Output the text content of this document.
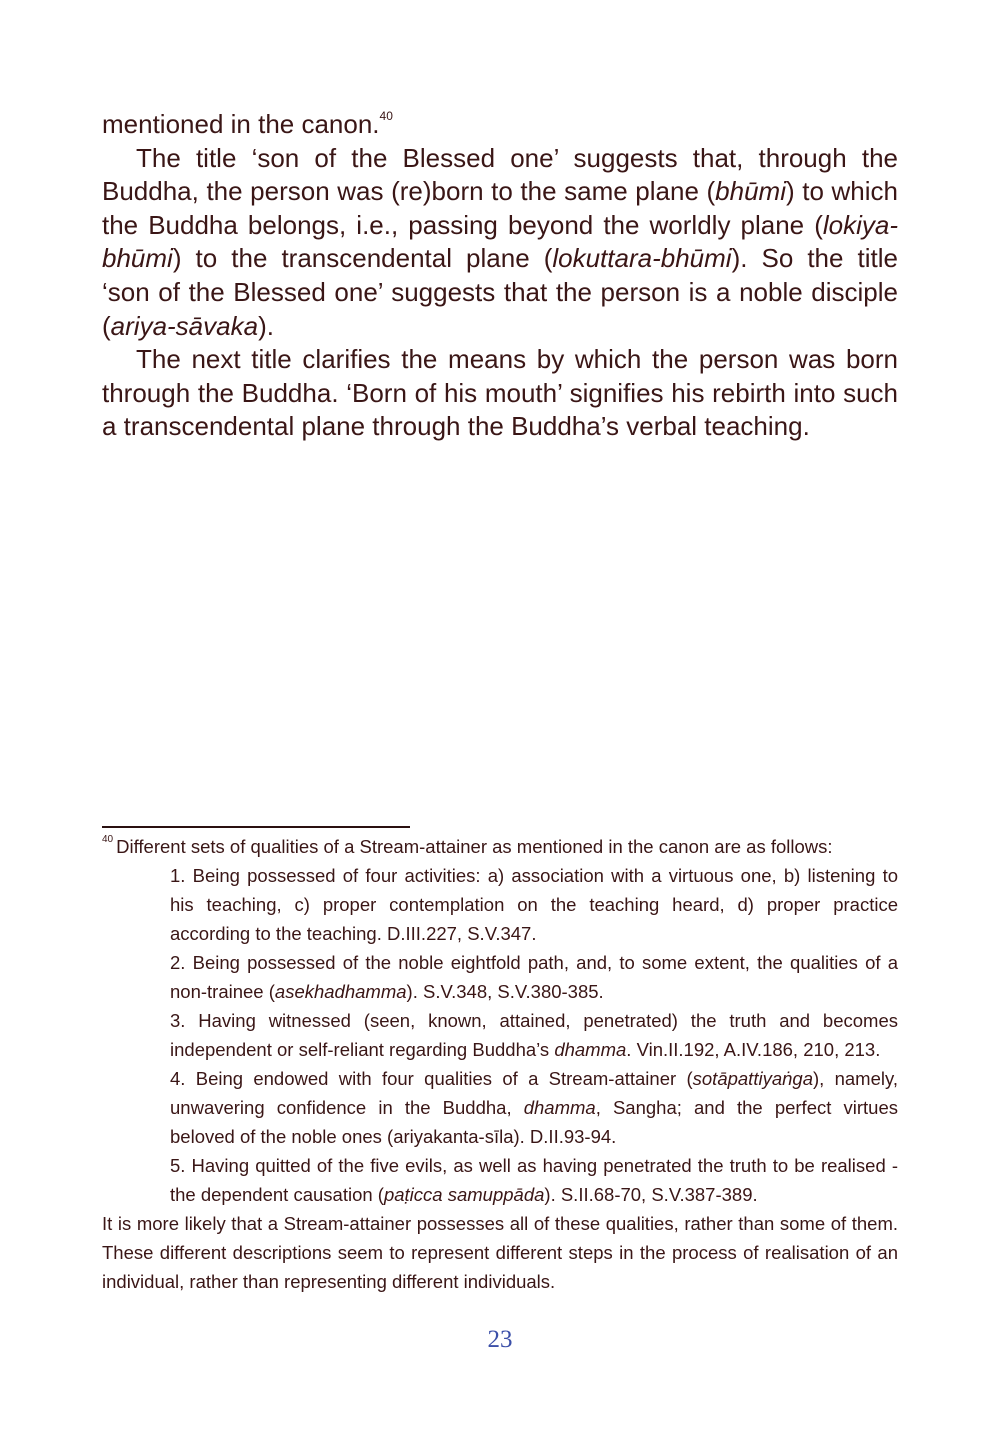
mentioned in the canon.$^{40}$

The title ‘son of the Blessed one’ suggests that, through the Buddha, the person was (re)born to the same plane (bhūmi) to which the Buddha belongs, i.e., passing beyond the worldly plane (lokiya-bhūmi) to the transcendental plane (lokuttara-bhūmi). So the title ‘son of the Blessed one’ suggests that the person is a noble disciple (ariya-sāvaka).

The next title clarifies the means by which the person was born through the Buddha. ‘Born of his mouth’ signifies his rebirth into such a transcendental plane through the Buddha’s verbal teaching.

$^{40}$ Different sets of qualities of a Stream-attainer as mentioned in the canon are as follows:

1. Being possessed of four activities: a) association with a virtuous one, b) listening to his teaching, c) proper contemplation on the teaching heard, d) proper practice according to the teaching. D.III.227, S.V.347.
2. Being possessed of the noble eightfold path, and, to some extent, the qualities of a non-trainee (asekhadhamma). S.V.348, S.V.380-385.
3. Having witnessed (seen, known, attained, penetrated) the truth and becomes independent or self-reliant regarding Buddha’s dhamma. Vin.II.192, A.IV.186, 210, 213.
4. Being endowed with four qualities of a Stream-attainer (sotāpattiyaṅga), namely, unwavering confidence in the Buddha, dhamma, Sangha; and the perfect virtues beloved of the noble ones (ariyakanta-sīla). D.II.93-94.
5. Having quitted of the five evils, as well as having penetrated the truth to be realised - the dependent causation (paṭicca samuppāda). S.II.68-70, S.V.387-389.

It is more likely that a Stream-attainer possesses all of these qualities, rather than some of them. These different descriptions seem to represent different steps in the process of realisation of an individual, rather than representing different individuals.

23
